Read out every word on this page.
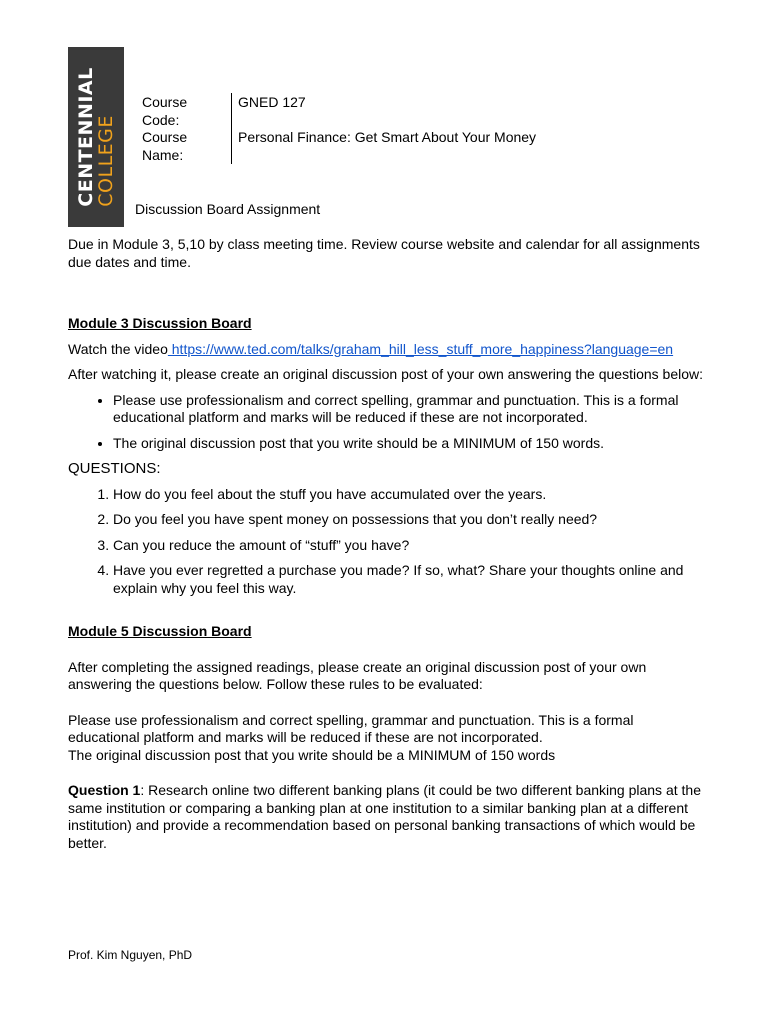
CENTENNIAL
COLLEGE
Course Code:
Course Name:
GNED 127
Personal Finance: Get Smart About Your Money
Discussion Board Assignment

Due in Module 3, 5,10 by class meeting time. Review course website and calendar for all assignments due dates and time.

Module 3 Discussion Board

Watch the video https://www.ted.com/talks/graham_hill_less_stuff_more_happiness?language=en

After watching it, please create an original discussion post of your own answering the questions below:

• Please use professionalism and correct spelling, grammar and punctuation. This is a formal educational platform and marks will be reduced if these are not incorporated.
• The original discussion post that you write should be a MINIMUM of 150 words.

QUESTIONS:

1. How do you feel about the stuff you have accumulated over the years.
2. Do you feel you have spent money on possessions that you don’t really need?
3. Can you reduce the amount of “stuff” you have?
4. Have you ever regretted a purchase you made? If so, what? Share your thoughts online and explain why you feel this way.

Module 5 Discussion Board

After completing the assigned readings, please create an original discussion post of your own answering the questions below. Follow these rules to be evaluated:

Please use professionalism and correct spelling, grammar and punctuation. This is a formal educational platform and marks will be reduced if these are not incorporated.

The original discussion post that you write should be a MINIMUM of 150 words

Question 1: Research online two different banking plans (it could be two different banking plans at the same institution or comparing a banking plan at one institution to a similar banking plan at a different institution) and provide a recommendation based on personal banking transactions of which would be better.

Prof. Kim Nguyen, PhD
